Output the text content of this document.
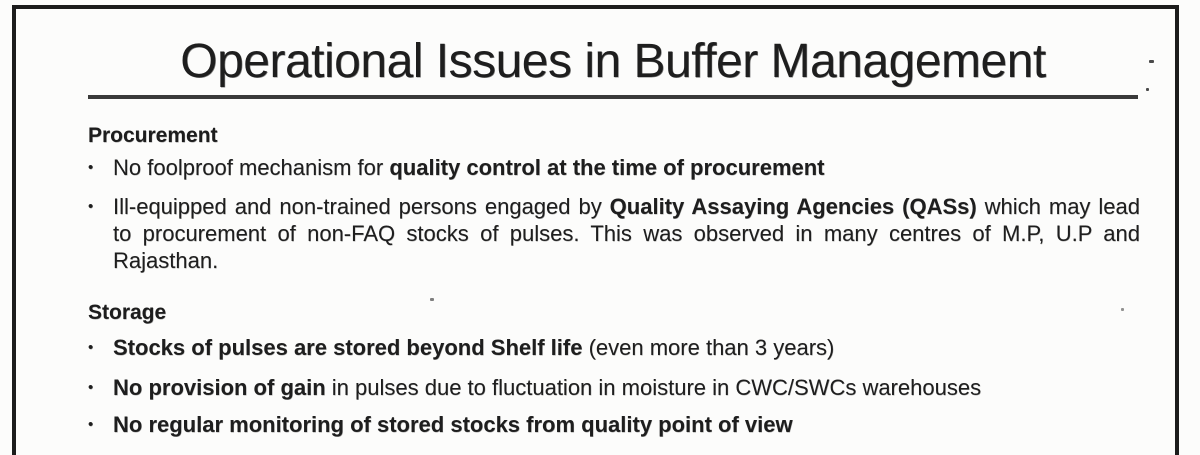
Operational Issues in Buffer Management
Procurement
• No foolproof mechanism for quality control at the time of procurement
• Ill-equipped and non-trained persons engaged by Quality Assaying Agencies (QASs) which may lead to procurement of non-FAQ stocks of pulses. This was observed in many centres of M.P, U.P and Rajasthan.
Storage
• Stocks of pulses are stored beyond Shelf life (even more than 3 years)
• No provision of gain in pulses due to fluctuation in moisture in CWC/SWCs warehouses
• No regular monitoring of stored stocks from quality point of view
